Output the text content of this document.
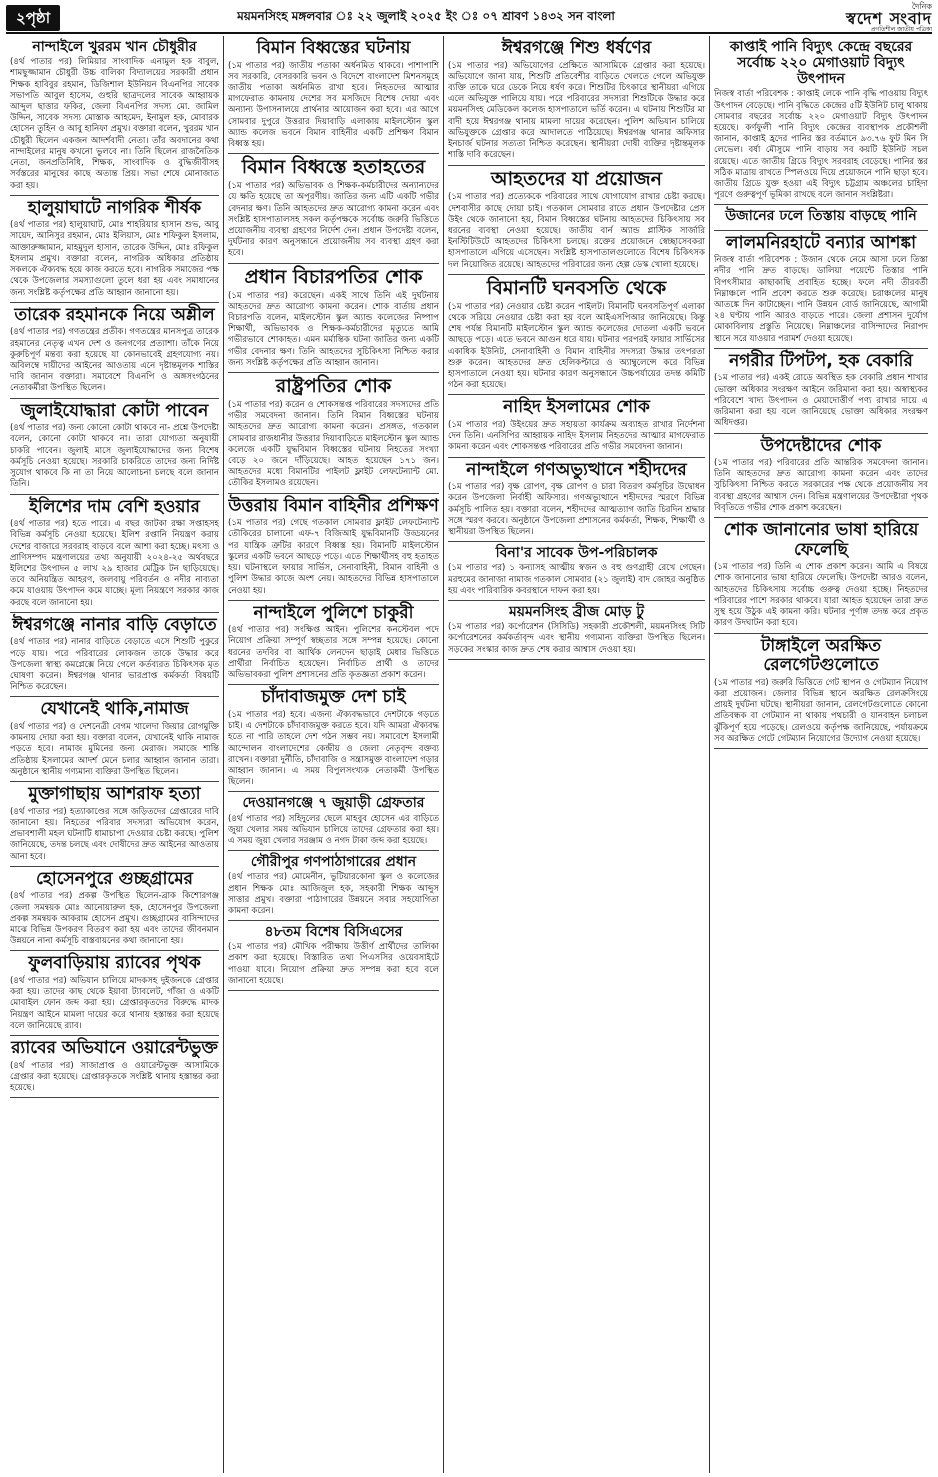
২পৃষ্ঠা	ময়মনসিংহ মঙ্গলবার ঃ ২২ জুলাই ২০২৫ ইং ঃ ০৭ শ্রাবণ ১৪৩২ সন বাংলা
দৈনিক
স্বদেশ সংবাদ
প্রগতিশীল জাতীয় পত্রিকা
নান্দাইলে খুররম খান চৌধুরীর
(৪র্থ পাতার পর) লিমিয়ার সাংবাদিক এনামুল হক বাবুল, শামছুজ্জামান চৌধুরী উচ্চ বালিকা বিদ্যালয়ের সরকারী প্রধান শিক্ষক হাবিবুর রহমান, ডিজিশাল ইউনিয়ন বিএনপির সাবেক সভাপতি আবুল হাসেম, গুহুরি ছাত্রদলের সাবেক আহ্বায়ক আব্দুল ছাত্তার ফকির, জেলা বিএনপির সদস্য মো. জামিল উদ্দিন, সাবেক সদস্য মোস্তাক আহমেদ, ইনামুল হক, মোবারক হোসেন তুহিন ও আবু হানিফা প্রমুখ। বক্তারা বলেন, খুররম খান চৌধুরী ছিলেন একজন আদর্শবাদী নেতা। তাঁর অবদানের কথা নান্দাইলের মানুষ কখনো ভুলবে না। তিনি ছিলেন রাজনৈতিক নেতা, জনপ্রতিনিধি, শিক্ষক, সাংবাদিক ও বুদ্ধিজীবীসহ সর্বস্তরের মানুষের কাছে অত্যন্ত প্রিয়। সভা শেষে মোনাজাত করা হয়।
হালুয়াঘাটে নাগরিক শীর্ষক
(৪র্থ পাতার পর) হালুয়াঘাট, মোঃ শাহরিয়ার হাসান শুভ, আবু সায়েদ, আনিসুর রহমান, মোঃ ইলিয়াস, মোঃ শফিকুল ইসলাম, আক্তারুজ্জামান, মাহমুদুল হাসান, তারেক উদ্দিন, মোঃ রফিকুল ইসলাম প্রমুখ। বক্তারা বলেন, নাগরিক অধিকার প্রতিষ্ঠায় সকলকে ঐক্যবদ্ধ হয়ে কাজ করতে হবে। নাগরিক সমাজের পক্ষ থেকে উপজেলার সমস্যাগুলো তুলে ধরা হয় এবং সমাধানের জন্য সংশ্লিষ্ট কর্তৃপক্ষের প্রতি আহ্বান জানানো হয়।
তারেক রহমানকে নিয়ে অশ্লীল
(৪র্থ পাতার পর) গণতন্ত্রের প্রতীক। গণতন্ত্রের মানসপুত্র তারেক রহমানের নেতৃত্ব এখন দেশ ও জনগণের প্রত্যাশা। তাঁকে নিয়ে কুরুচিপূর্ণ মন্তব্য করা হয়েছে যা কোনভাবেই গ্রহণযোগ্য নয়। অবিলম্বে দায়ীদের আইনের আওতায় এনে দৃষ্টান্তমূলক শাস্তির দাবি জানান বক্তারা। সমাবেশে বিএনপি ও অঙ্গসংগঠনের নেতাকর্মীরা উপস্থিত ছিলেন।
জুলাইযোদ্ধারা কোটা পাবেন
(৪র্থ পাতার পর) জন্য কোনো কোটা থাকবে না- প্রশ্নে উপদেষ্টা বলেন, কোনো কোটা থাকবে না। তারা যোগ্যতা অনুযায়ী চাকরি পাবেন। জুলাই মাসে জুলাইযোদ্ধাদের জন্য বিশেষ কর্মসূচি নেওয়া হয়েছে। সরকারি চাকরিতে তাদের জন্য নির্দিষ্ট সুযোগ থাকবে কি না তা নিয়ে আলোচনা চলছে বলে জানান তিনি।
ইলিশের দাম বেশি হওয়ার
(৪র্থ পাতার পর) হতে পারে। এ বছর জাটকা রক্ষা সপ্তাহসহ বিভিন্ন কর্মসূচি নেওয়া হয়েছে। ইলিশ রপ্তানি নিয়ন্ত্রণ করায় দেশের বাজারে সরবরাহ বাড়বে বলে আশা করা হচ্ছে। মৎস্য ও প্রাণিসম্পদ মন্ত্রণালয়ের তথ্য অনুযায়ী ২০২৪-২৫ অর্থবছরে ইলিশের উৎপাদন ৫ লাখ ২৯ হাজার মেট্রিক টন ছাড়িয়েছে। তবে অনিয়ন্ত্রিত আহরণ, জলবায়ু পরিবর্তন ও নদীর নাব্যতা কমে যাওয়ায় উৎপাদন কমে যাচ্ছে। মূল্য নিয়ন্ত্রণে সরকার কাজ করছে বলে জানানো হয়।
ঈশ্বরগঞ্জে নানার বাড়ি বেড়াতে
(৪র্থ পাতার পর) নানার বাড়িতে বেড়াতে এসে শিশুটি পুকুরে পড়ে যায়। পরে পরিবারের লোকজন তাকে উদ্ধার করে উপজেলা স্বাস্থ্য কমপ্লেক্সে নিয়ে গেলে কর্তব্যরত চিকিৎসক মৃত ঘোষণা করেন। ঈশ্বরগঞ্জ থানার ভারপ্রাপ্ত কর্মকর্তা বিষয়টি নিশ্চিত করেছেন।
যেখানেই থাকি,নামাজ
(৪র্থ পাতার পর) ও দেশনেত্রী বেগম খালেদা জিয়ার রোগমুক্তি কামনায় দোয়া করা হয়। বক্তারা বলেন, যেখানেই থাকি নামাজ পড়তে হবে। নামাজ মুমিনের জন্য মেরাজ। সমাজে শান্তি প্রতিষ্ঠায় ইসলামের আদর্শ মেনে চলার আহ্বান জানান তারা। অনুষ্ঠানে স্থানীয় গণ্যমান্য ব্যক্তিরা উপস্থিত ছিলেন।
মুক্তাগাছায় আশরাফ হত্যা
(৪র্থ পাতার পর) হত্যাকাণ্ডের সঙ্গে জড়িতদের গ্রেপ্তারের দাবি জানানো হয়। নিহতের পরিবার সদস্যরা অভিযোগ করেন, প্রভাবশালী মহল ঘটনাটি ধামাচাপা দেওয়ার চেষ্টা করছে। পুলিশ জানিয়েছে, তদন্ত চলছে এবং দোষীদের দ্রুত আইনের আওতায় আনা হবে।
হোসেনপুরে গুচ্ছগ্রামের
(৪র্থ পাতার পর) প্রকল্প উপস্থিত ছিলেন-ব্রাক কিশোরগঞ্জ জেলা সমন্বয়ক মোঃ আনোয়ারুল হক, হোসেনপুর উপজেলা প্রকল্প সমন্বয়ক আকরাম হোসেন প্রমুখ। গুচ্ছগ্রামের বাসিন্দাদের মাঝে বিভিন্ন উপকরণ বিতরণ করা হয় এবং তাদের জীবনমান উন্নয়নে নানা কর্মসূচি বাস্তবায়নের কথা জানানো হয়।
ফুলবাড়িয়ায় র‍্যাবের পৃথক
(৪র্থ পাতার পর) অভিযান চালিয়ে মাদকসহ দুইজনকে গ্রেপ্তার করা হয়। তাদের কাছ থেকে ইয়াবা ট্যাবলেট, গাঁজা ও একটি মোবাইল ফোন জব্দ করা হয়। গ্রেপ্তারকৃতদের বিরুদ্ধে মাদক নিয়ন্ত্রণ আইনে মামলা দায়ের করে থানায় হস্তান্তর করা হয়েছে বলে জানিয়েছে র‍্যাব।
র‍্যাবের অভিযানে ওয়ারেন্টভুক্ত
(৪র্থ পাতার পর) সাজাপ্রাপ্ত ও ওয়ারেন্টভুক্ত আসামিকে গ্রেপ্তার করা হয়েছে। গ্রেপ্তারকৃতকে সংশ্লিষ্ট থানায় হস্তান্তর করা হয়েছে।
বিমান বিধ্বস্তের ঘটনায়
(১ম পাতার পর) জাতীয় পতাকা অর্ধনমিত থাকবে। পাশাপাশি সব সরকারি, বেসরকারি ভবন ও বিদেশে বাংলাদেশ মিশনসমূহে জাতীয় পতাকা অর্ধনমিত রাখা হবে। নিহতদের আত্মার মাগফেরাত কামনায় দেশের সব মসজিদে বিশেষ দোয়া এবং অন্যান্য উপাসনালয়ে প্রার্থনার আয়োজন করা হবে। এর আগে সোমবার দুপুরে উত্তরার দিয়াবাড়ি এলাকায় মাইলস্টোন স্কুল অ্যান্ড কলেজ ভবনে বিমান বাহিনীর একটি প্রশিক্ষণ বিমান বিধ্বস্ত হয়।
বিমান বিধ্বস্তে হতাহতের
(১ম পাতার পর) অভিভাবক ও শিক্ষক-কর্মচারীদের অন্যান্যদের যে ক্ষতি হয়েছে তা অপূরণীয়। জাতির জন্য এটি একটি গভীর বেদনার ক্ষণ। তিনি আহতদের দ্রুত আরোগ্য কামনা করেন এবং সংশ্লিষ্ট হাসপাতালসহ সকল কর্তৃপক্ষকে সর্বোচ্চ জরুরি ভিত্তিতে প্রয়োজনীয় ব্যবস্থা গ্রহণের নির্দেশ দেন। প্রধান উপদেষ্টা বলেন, দুর্ঘটনার কারণ অনুসন্ধানে প্রয়োজনীয় সব ব্যবস্থা গ্রহণ করা হবে।
প্রধান বিচারপতির শোক
(১ম পাতার পর) করেছেন। একই সাথে তিনি এই দুর্ঘটনায় আহতদের দ্রুত আরোগ্য কামনা করেন। শোক বার্তায় প্রধান বিচারপতি বলেন, মাইলস্টোন স্কুল অ্যান্ড কলেজের নিষ্পাপ শিক্ষার্থী, অভিভাবক ও শিক্ষক-কর্মচারীদের মৃত্যুতে আমি গভীরভাবে শোকাহত। এমন মর্মান্তিক ঘটনা জাতির জন্য একটি গভীর বেদনার ক্ষণ। তিনি আহতদের সুচিকিৎসা নিশ্চিত করার জন্য সংশ্লিষ্ট কর্তৃপক্ষের প্রতি আহ্বান জানান।
রাষ্ট্রপতির শোক
(১ম পাতার পর) করেন ও শোকসন্তপ্ত পরিবারের সদস্যদের প্রতি গভীর সমবেদনা জানান। তিনি বিমান বিধ্বস্তের ঘটনায় আহতদের দ্রুত আরোগ্য কামনা করেন। প্রসঙ্গত, গতকাল সোমবার রাজধানীর উত্তরার দিয়াবাড়িতে মাইলস্টোন স্কুল অ্যান্ড কলেজে একটি যুদ্ধবিমান বিধ্বস্তের ঘটনায় নিহতের সংখ্যা বেড়ে ২০ জনে দাঁড়িয়েছে। আহত হয়েছেন ১৭১ জন। আহতদের মধ্যে বিমানটির পাইলট ফ্লাইট লেফটেন্যান্ট মো. তৌকির ইসলামও রয়েছেন।
উত্তরায় বিমান বাহিনীর প্রশিক্ষণ
(১ম পাতার পর) গেছে গতকাল সোমবার ফ্লাইট লেফটেন্যান্ট তৌকিরের চালানো এফ-৭ বিজিআই যুদ্ধবিমানটি উড্ডয়নের পর যান্ত্রিক ত্রুটির কারণে বিধ্বস্ত হয়। বিমানটি মাইলস্টোন স্কুলের একটি ভবনে আছড়ে পড়ে। এতে শিক্ষার্থীসহ বহু হতাহত হয়। ঘটনাস্থলে ফায়ার সার্ভিস, সেনাবাহিনী, বিমান বাহিনী ও পুলিশ উদ্ধার কাজে অংশ নেয়। আহতদের বিভিন্ন হাসপাতালে নেওয়া হয়।
নান্দাইলে পুলিশে চাকুরী
(৪র্থ পাতার পর) সংক্ষিপ্ত আইন। পুলিশের কনস্টেবল পদে নিয়োগ প্রক্রিয়া সম্পূর্ণ স্বচ্ছতার সঙ্গে সম্পন্ন হয়েছে। কোনো ধরনের তদবির বা আর্থিক লেনদেন ছাড়াই মেধার ভিত্তিতে প্রার্থীরা নির্বাচিত হয়েছেন। নির্বাচিত প্রার্থী ও তাদের অভিভাবকরা পুলিশ প্রশাসনের প্রতি কৃতজ্ঞতা প্রকাশ করেন।
চাঁদাবাজমুক্ত দেশ চাই
(১ম পাতার পর) হবে। এজন্য ঐক্যবদ্ধভাবে দেশটাকে গড়তে চাই। এ দেশটাকে চাঁদাবাজমুক্ত করতে হবে। যদি আমরা ঐক্যবদ্ধ হতে না পারি তাহলে দেশ গঠন সম্ভব নয়। সমাবেশে ইসলামী আন্দোলন বাংলাদেশের কেন্দ্রীয় ও জেলা নেতৃবৃন্দ বক্তব্য রাখেন। বক্তারা দুর্নীতি, চাঁদাবাজি ও সন্ত্রাসমুক্ত বাংলাদেশ গড়ার আহ্বান জানান। এ সময় বিপুলসংখ্যক নেতাকর্মী উপস্থিত ছিলেন।
দেওয়ানগঞ্জে ৭ জুয়াড়ী গ্রেফতার
(৪র্থ পাতার পর) সহিদুলের ছেলে মাহবুব হোসেন এর বাড়িতে জুয়া খেলার সময় অভিযান চালিয়ে তাদের গ্রেফতার করা হয়। এ সময় জুয়া খেলার সরঞ্জাম ও নগদ টাকা জব্দ করা হয়েছে।
গৌরীপুর গণপাঠাগারের প্রধান
(৪র্থ পাতার পর) মোমেনীন, ভুটিয়ারকোনা স্কুল ও কলেজের প্রধান শিক্ষক মোঃ আজিজুল হক, সহকারী শিক্ষক আব্দুস সাত্তার প্রমুখ। বক্তারা পাঠাগারের উন্নয়নে সবার সহযোগিতা কামনা করেন।
৪৮তম বিশেষ বিসিএসের
(১ম পাতার পর) মৌখিক পরীক্ষায় উত্তীর্ণ প্রার্থীদের তালিকা প্রকাশ করা হয়েছে। বিস্তারিত তথ্য পিএসসির ওয়েবসাইটে পাওয়া যাবে। নিয়োগ প্রক্রিয়া দ্রুত সম্পন্ন করা হবে বলে জানানো হয়েছে।
ঈশ্বরগঞ্জে শিশু ধর্ষণের
(১ম পাতার পর) অভিযোগের প্রেক্ষিতে আসামিকে গ্রেপ্তার করা হয়েছে। অভিযোগে জানা যায়, শিশুটি প্রতিবেশীর বাড়িতে খেলতে গেলে অভিযুক্ত ব্যক্তি তাকে ঘরে ডেকে নিয়ে ধর্ষণ করে। শিশুটির চিৎকারে স্থানীয়রা এগিয়ে এলে অভিযুক্ত পালিয়ে যায়। পরে পরিবারের সদস্যরা শিশুটিকে উদ্ধার করে ময়মনসিংহ মেডিকেল কলেজ হাসপাতালে ভর্তি করেন। এ ঘটনায় শিশুটির মা বাদী হয়ে ঈশ্বরগঞ্জ থানায় মামলা দায়ের করেছেন। পুলিশ অভিযান চালিয়ে অভিযুক্তকে গ্রেপ্তার করে আদালতে পাঠিয়েছে। ঈশ্বরগঞ্জ থানার অফিসার ইনচার্জ ঘটনার সত্যতা নিশ্চিত করেছেন। স্থানীয়রা দোষী ব্যক্তির দৃষ্টান্তমূলক শাস্তি দাবি করেছেন।
আহতদের যা প্রয়োজন
(১ম পাতার পর) প্রত্যেককে পরিবারের সাথে যোগাযোগ রাখার চেষ্টা করছে। দেশবাসীর কাছে দোয়া চাই। গতকাল সোমবার রাতে প্রধান উপদেষ্টার প্রেস উইং থেকে জানানো হয়, বিমান বিধ্বস্তের ঘটনায় আহতদের চিকিৎসায় সব ধরনের ব্যবস্থা নেওয়া হয়েছে। জাতীয় বার্ন অ্যান্ড প্লাস্টিক সার্জারি ইনস্টিটিউটে আহতদের চিকিৎসা চলছে। রক্তের প্রয়োজনে স্বেচ্ছাসেবকরা হাসপাতালে এগিয়ে এসেছেন। সংশ্লিষ্ট হাসপাতালগুলোতে বিশেষ চিকিৎসক দল নিয়োজিত রয়েছে। আহতদের পরিবারের জন্য হেল্প ডেস্ক খোলা হয়েছে।
বিমানটি ঘনবসতি থেকে
(১ম পাতার পর) নেওয়ার চেষ্টা করেন পাইলট। বিমানটি ঘনবসতিপূর্ণ এলাকা থেকে সরিয়ে নেওয়ার চেষ্টা করা হয় বলে আইএসপিআর জানিয়েছে। কিন্তু শেষ পর্যন্ত বিমানটি মাইলস্টোন স্কুল অ্যান্ড কলেজের দোতলা একটি ভবনে আছড়ে পড়ে। এতে ভবনে আগুন ধরে যায়। ঘটনার পরপরই ফায়ার সার্ভিসের একাধিক ইউনিট, সেনাবাহিনী ও বিমান বাহিনীর সদস্যরা উদ্ধার তৎপরতা শুরু করেন। আহতদের দ্রুত হেলিকপ্টারে ও অ্যাম্বুলেন্সে করে বিভিন্ন হাসপাতালে নেওয়া হয়। ঘটনার কারণ অনুসন্ধানে উচ্চপর্যায়ের তদন্ত কমিটি গঠন করা হয়েছে।
নাহিদ ইসলামের শোক
(১ম পাতার পর) উইংয়ের দ্রুত সহায়তা কার্যক্রম অব্যাহত রাখার নির্দেশনা দেন তিনি। এনসিপির আহ্বায়ক নাহিদ ইসলাম নিহতদের আত্মার মাগফেরাত কামনা করেন এবং শোকসন্তপ্ত পরিবারের প্রতি গভীর সমবেদনা জানান।
নান্দাইলে গণঅভ্যুত্থানে শহীদদের
(১ম পাতার পর) বৃক্ষ রোপণ, বৃক্ষ রোপণ ও চারা বিতরণ কর্মসূচির উদ্বোধন করেন উপজেলা নির্বাহী অফিসার। গণঅভ্যুত্থানে শহীদদের স্মরণে বিভিন্ন কর্মসূচি পালিত হয়। বক্তারা বলেন, শহীদদের আত্মত্যাগ জাতি চিরদিন শ্রদ্ধার সঙ্গে স্মরণ করবে। অনুষ্ঠানে উপজেলা প্রশাসনের কর্মকর্তা, শিক্ষক, শিক্ষার্থী ও স্থানীয়রা উপস্থিত ছিলেন।
বিনা'র সাবেক উপ-পরিচালক
(১ম পাতার পর) ১ কন্যাসহ আত্মীয় স্বজন ও বহু গুণগ্রাহী রেখে গেছেন। মরহুমের জানাজা নামাজ গতকাল সোমবার (২১ জুলাই) বাদ জোহর অনুষ্ঠিত হয় এবং পারিবারিক কবরস্থানে দাফন করা হয়।
ময়মনসিংহ ব্রীজ মোড় টু
(১ম পাতার পর) কর্পোরেশন (সিসিডি) সহকারী প্রকৌশলী, ময়মনসিংহ সিটি কর্পোরেশনের কর্মকর্তাবৃন্দ এবং স্থানীয় গণ্যমান্য ব্যক্তিরা উপস্থিত ছিলেন। সড়কের সংস্কার কাজ দ্রুত শেষ করার আশ্বাস দেওয়া হয়।
কাপ্তাই পানি বিদ্যুৎ কেন্দ্রে বছরের সর্বোচ্চ ২২০ মেগাওয়াট বিদ্যুৎ উৎপাদন
নিজস্ব বার্তা পরিবেশক : কাপ্তাই লেকে পানি বৃদ্ধি পাওয়ায় বিদ্যুৎ উৎপাদন বেড়েছে। পানি বৃদ্ধিতে কেন্দ্রের ৫টি ইউনিট চালু থাকায় সোমবার বছরের সর্বোচ্চ ২২০ মেগাওয়াট বিদ্যুৎ উৎপাদন হয়েছে। কর্ণফুলী পানি বিদ্যুৎ কেন্দ্রের ব্যবস্থাপক প্রকৌশলী জানান, কাপ্তাই হ্রদের পানির স্তর বর্তমানে ৯৩.৭৬ ফুট মিন সি লেভেল। বর্ষা মৌসুমে পানি বাড়ায় সব কয়টি ইউনিট সচল রয়েছে। এতে জাতীয় গ্রিডে বিদ্যুৎ সরবরাহ বেড়েছে। পানির স্তর সঠিক মাত্রায় রাখতে স্পিলওয়ে দিয়ে প্রয়োজনে পানি ছাড়া হবে। জাতীয় গ্রিডে যুক্ত হওয়া এই বিদ্যুৎ চট্টগ্রাম অঞ্চলের চাহিদা পূরণে গুরুত্বপূর্ণ ভূমিকা রাখছে বলে জানান সংশ্লিষ্টরা।
উজানের ঢলে তিস্তায় বাড়ছে পানি
লালমনিরহাটে বন্যার আশঙ্কা
নিজস্ব বার্তা পরিবেশক : উজান থেকে নেমে আসা ঢলে তিস্তা নদীর পানি দ্রুত বাড়ছে। ডালিয়া পয়েন্টে তিস্তার পানি বিপৎসীমার কাছাকাছি প্রবাহিত হচ্ছে। ফলে নদী তীরবর্তী নিম্নাঞ্চলে পানি প্রবেশ করতে শুরু করেছে। চরাঞ্চলের মানুষ আতঙ্কে দিন কাটাচ্ছেন। পানি উন্নয়ন বোর্ড জানিয়েছে, আগামী ২৪ ঘণ্টায় পানি আরও বাড়তে পারে। জেলা প্রশাসন দুর্যোগ মোকাবিলায় প্রস্তুতি নিয়েছে। নিম্নাঞ্চলের বাসিন্দাদের নিরাপদ স্থানে সরে যাওয়ার পরামর্শ দেওয়া হয়েছে।
নগরীর টিপটপ, হক বেকারি
(১ম পাতার পর) একই রোডে অবস্থিত হক বেকারি প্রধান শাখার ভোক্তা অধিকার সংরক্ষণ আইনে জরিমানা করা হয়। অস্বাস্থ্যকর পরিবেশে খাদ্য উৎপাদন ও মেয়াদোত্তীর্ণ পণ্য রাখার দায়ে এ জরিমানা করা হয় বলে জানিয়েছে ভোক্তা অধিকার সংরক্ষণ অধিদপ্তর।
উপদেষ্টাদের শোক
(১ম পাতার পর) পরিবারের প্রতি আন্তরিক সমবেদনা জানান। তিনি আহতদের দ্রুত আরোগ্য কামনা করেন এবং তাদের সুচিকিৎসা নিশ্চিত করতে সরকারের পক্ষ থেকে প্রয়োজনীয় সব ব্যবস্থা গ্রহণের আশ্বাস দেন। বিভিন্ন মন্ত্রণালয়ের উপদেষ্টারা পৃথক বিবৃতিতে গভীর শোক প্রকাশ করেছেন।
শোক জানানোর ভাষা হারিয়ে ফেলেছি
(১ম পাতার পর) তিনি এ শোক প্রকাশ করেন। আমি এ বিষয়ে শোক জানানোর ভাষা হারিয়ে ফেলেছি। উপদেষ্টা আরও বলেন, আহতদের চিকিৎসায় সর্বোচ্চ গুরুত্ব দেওয়া হচ্ছে। নিহতদের পরিবারের পাশে সরকার থাকবে। যারা আহত হয়েছেন তারা দ্রুত সুস্থ হয়ে উঠুক এই কামনা করি। ঘটনার পূর্ণাঙ্গ তদন্ত করে প্রকৃত কারণ উদঘাটন করা হবে।
টাঙ্গাইলে অরক্ষিত রেলগেটগুলোতে
(১ম পাতার পর) জরুরি ভিত্তিতে গেট স্থাপন ও গেটম্যান নিয়োগ করা প্রয়োজন। জেলার বিভিন্ন স্থানে অরক্ষিত রেলক্রসিংয়ে প্রায়ই দুর্ঘটনা ঘটছে। স্থানীয়রা জানান, রেলগেটগুলোতে কোনো প্রতিবন্ধক বা গেটম্যান না থাকায় পথচারী ও যানবাহন চলাচল ঝুঁকিপূর্ণ হয়ে পড়েছে। রেলওয়ে কর্তৃপক্ষ জানিয়েছে, পর্যায়ক্রমে সব অরক্ষিত গেটে গেটম্যান নিয়োগের উদ্যোগ নেওয়া হয়েছে।
